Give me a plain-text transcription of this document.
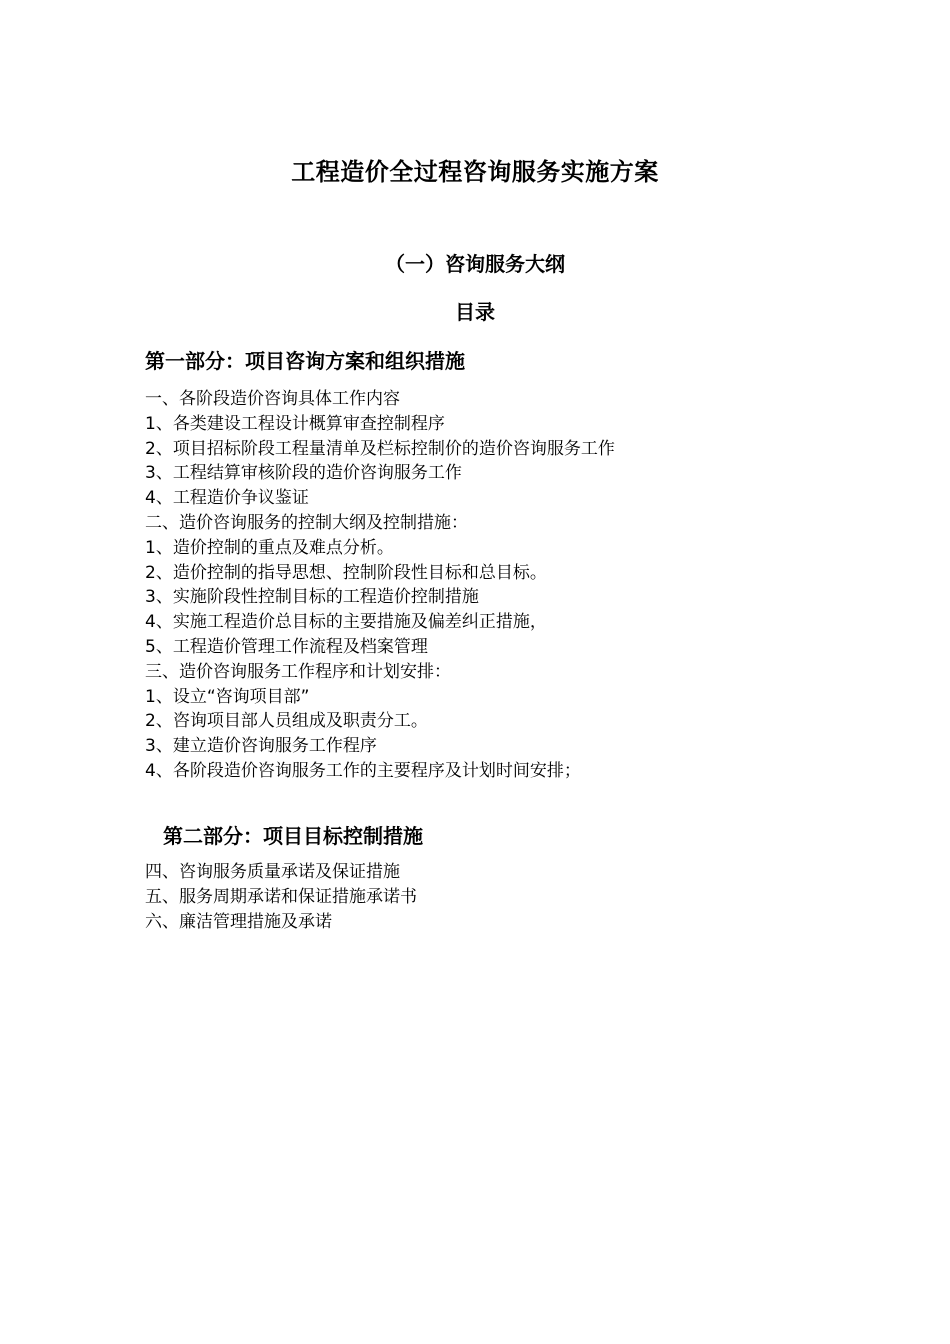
工程造价全过程咨询服务实施方案
（一）咨询服务大纲
目录
第一部分：项目咨询方案和组织措施
一、各阶段造价咨询具体工作内容
1、各类建设工程设计概算审查控制程序
2、项目招标阶段工程量清单及栏标控制价的造价咨询服务工作
3、工程结算审核阶段的造价咨询服务工作
4、工程造价争议鉴证
二、造价咨询服务的控制大纲及控制措施：
1、造价控制的重点及难点分析。
2、造价控制的指导思想、控制阶段性目标和总目标。
3、实施阶段性控制目标的工程造价控制措施
4、实施工程造价总目标的主要措施及偏差纠正措施，
5、工程造价管理工作流程及档案管理
三、造价咨询服务工作程序和计划安排：
1、设立“咨询项目部”
2、咨询项目部人员组成及职责分工。
3、建立造价咨询服务工作程序
4、各阶段造价咨询服务工作的主要程序及计划时间安排；
第二部分：项目目标控制措施
四、咨询服务质量承诺及保证措施
五、服务周期承诺和保证措施承诺书
六、廉洁管理措施及承诺
